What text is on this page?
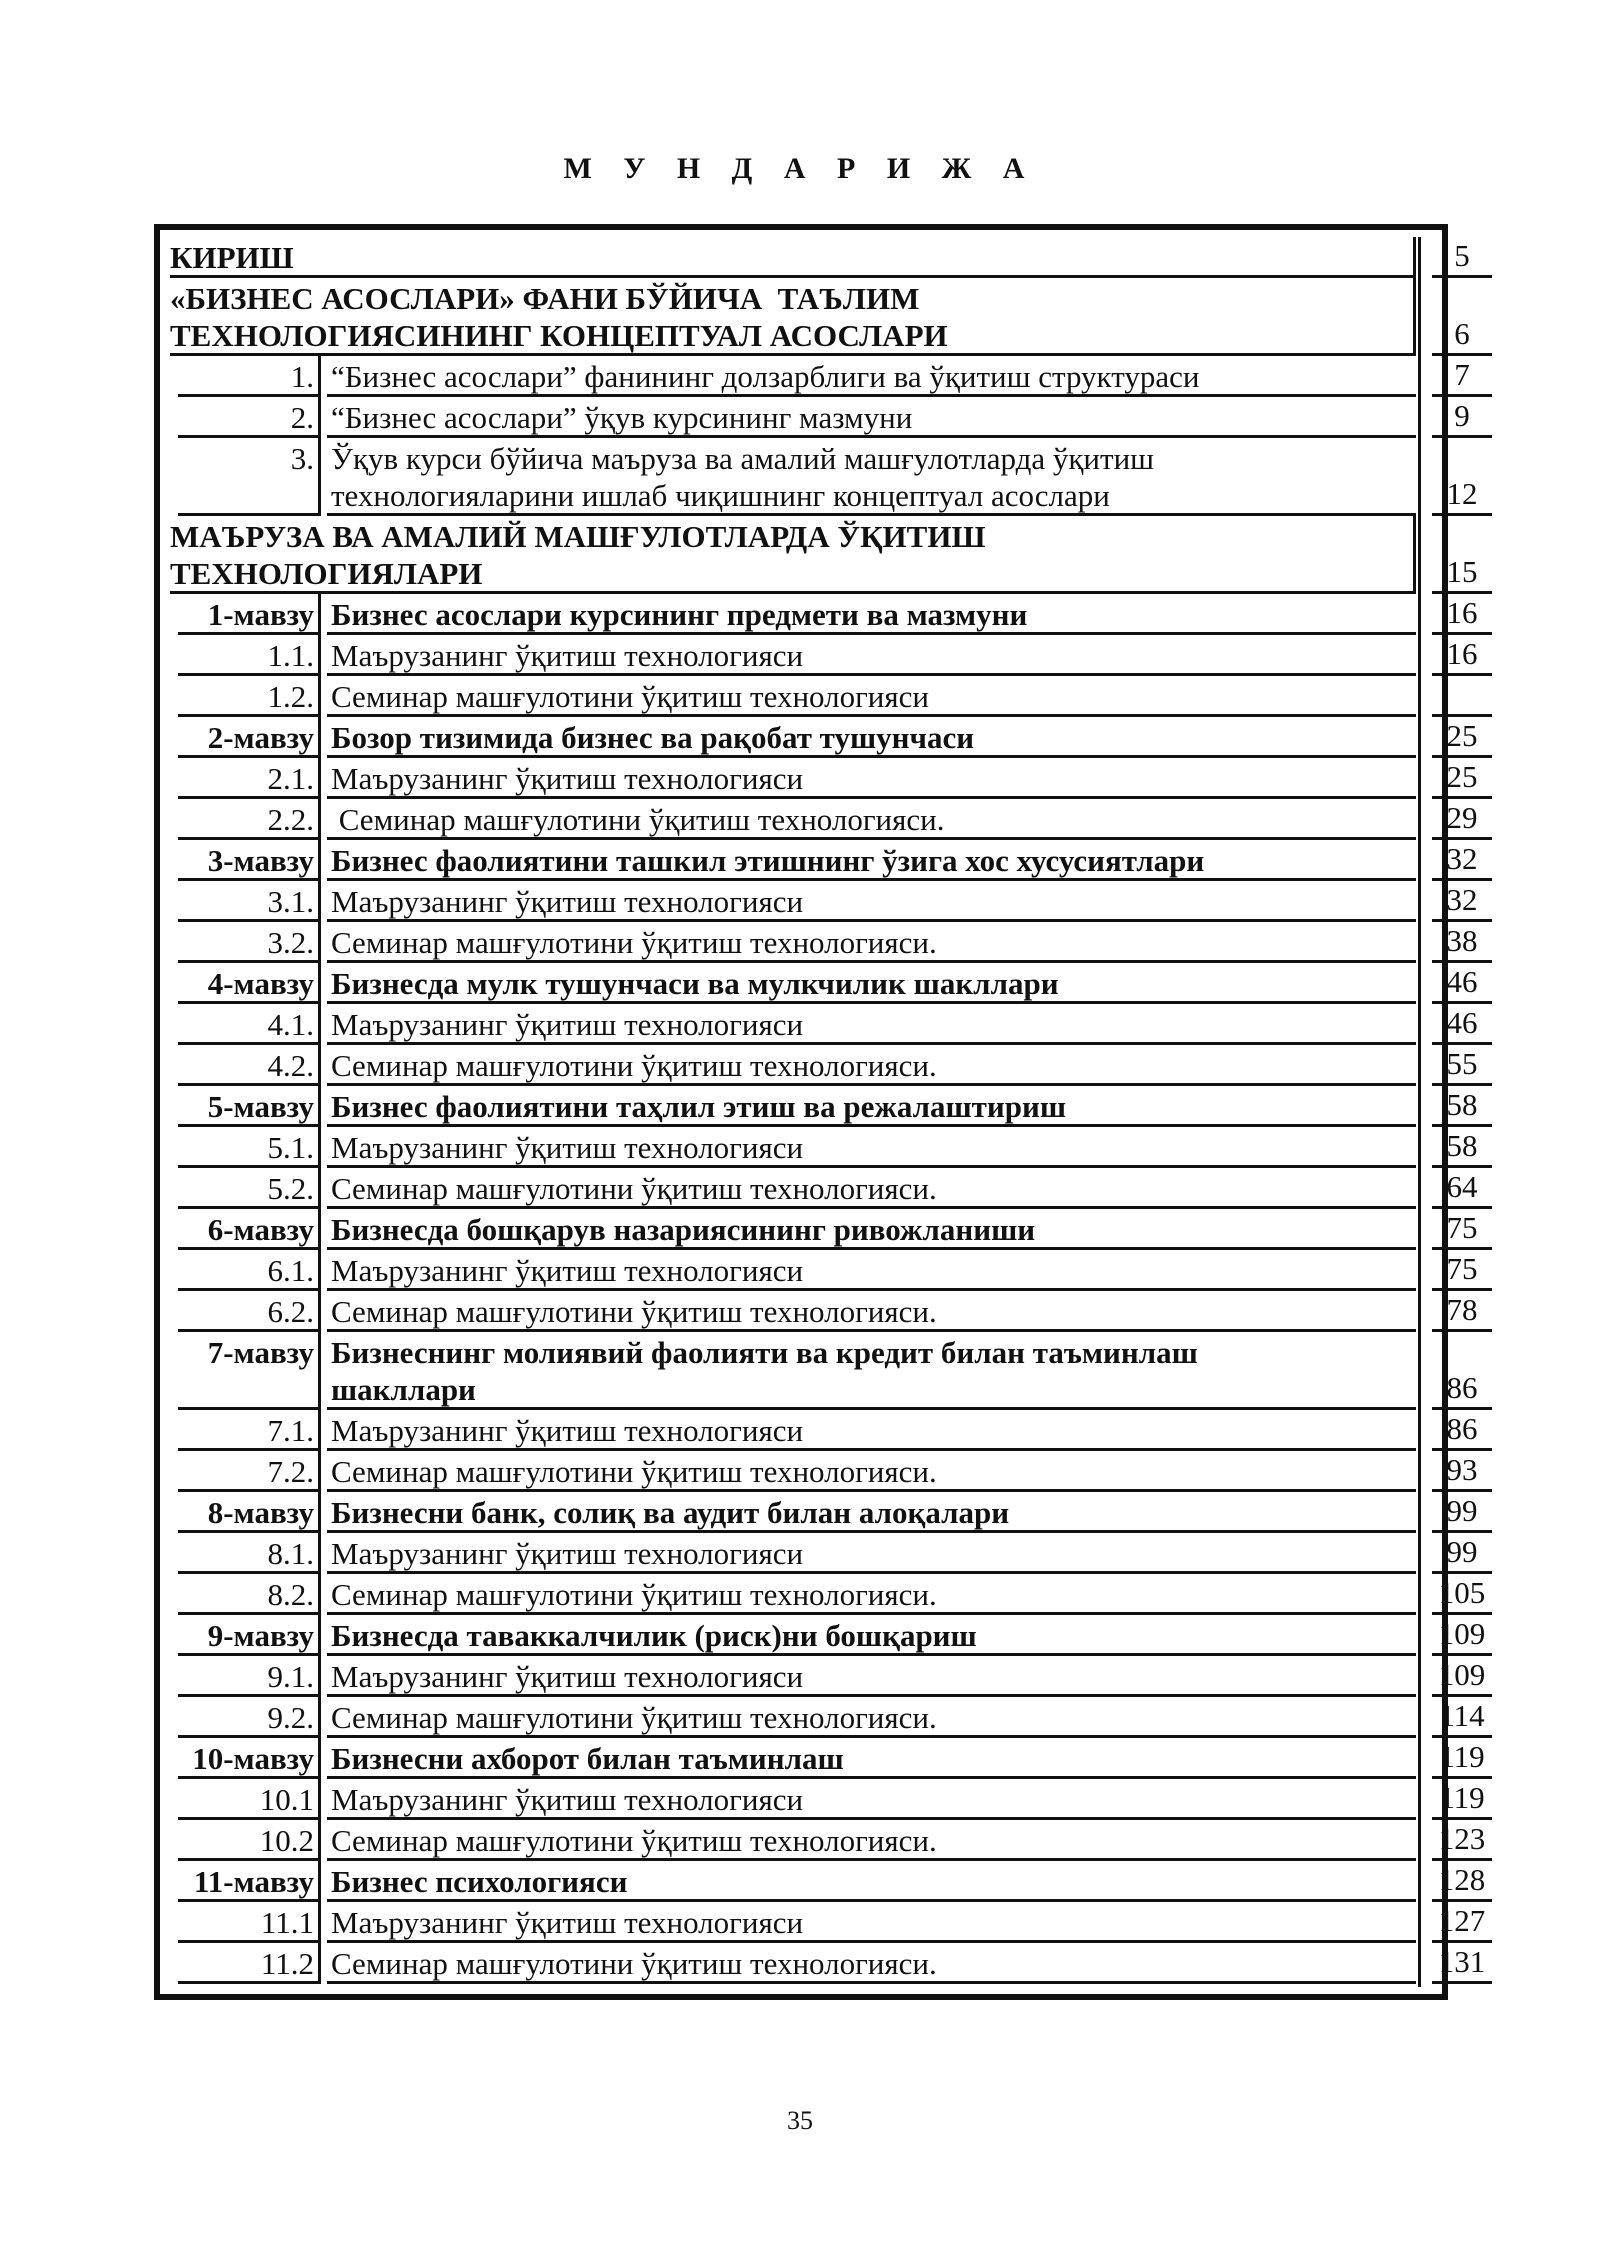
М У Н Д А Р И Ж А
КИРИШ	5
«БИЗНЕС АСОСЛАРИ» ФАНИ БЎЙИЧА  ТАЪЛИМ
ТЕХНОЛОГИЯСИНИНГ КОНЦЕПТУАЛ АСОСЛАРИ	6
1. “Бизнес асослари” фанининг долзарблиги ва ўқитиш структураси	7
2. “Бизнес асослари” ўқув курсининг мазмуни	9
3. Ўқув курси бўйича маъруза ва амалий машғулотларда ўқитиш
технологияларини ишлаб чиқишнинг концептуал асослари	12
МАЪРУЗА ВА АМАЛИЙ МАШҒУЛОТЛАРДА ЎҚИТИШ
ТЕХНОЛОГИЯЛАРИ	15
1-мавзу Бизнес асослари курсининг предмети ва мазмуни	16
1.1. Маърузанинг ўқитиш технологияси	16
1.2. Семинар машғулотини ўқитиш технологияси
2-мавзу Бозор тизимида бизнес ва рақобат тушунчаси	25
2.1. Маърузанинг ўқитиш технологияси	25
2.2. Семинар машғулотини ўқитиш технологияси.	29
3-мавзу Бизнес фаолиятини ташкил этишнинг ўзига хос хусусиятлари	32
3.1. Маърузанинг ўқитиш технологияси	32
3.2. Семинар машғулотини ўқитиш технологияси.	38
4-мавзу Бизнесда мулк тушунчаси ва мулкчилик шакллари	46
4.1. Маърузанинг ўқитиш технологияси	46
4.2. Семинар машғулотини ўқитиш технологияси.	55
5-мавзу Бизнес фаолиятини таҳлил этиш ва режалаштириш	58
5.1. Маърузанинг ўқитиш технологияси	58
5.2. Семинар машғулотини ўқитиш технологияси.	64
6-мавзу Бизнесда бошқарув назариясининг ривожланиши	75
6.1. Маърузанинг ўқитиш технологияси	75
6.2. Семинар машғулотини ўқитиш технологияси.	78
7-мавзу Бизнеснинг молиявий фаолияти ва кредит билан таъминлаш
шакллари	86
7.1. Маърузанинг ўқитиш технологияси	86
7.2. Семинар машғулотини ўқитиш технологияси.	93
8-мавзу Бизнесни банк, солиқ ва аудит билан алоқалари	99
8.1. Маърузанинг ўқитиш технологияси	99
8.2. Семинар машғулотини ўқитиш технологияси.	105
9-мавзу Бизнесда таваккалчилик (риск)ни бошқариш	109
9.1. Маърузанинг ўқитиш технологияси	109
9.2. Семинар машғулотини ўқитиш технологияси.	114
10-мавзу Бизнесни ахборот билан таъминлаш	119
10.1 Маърузанинг ўқитиш технологияси	119
10.2 Семинар машғулотини ўқитиш технологияси.	123
11-мавзу Бизнес психологияси	128
11.1 Маърузанинг ўқитиш технологияси	127
11.2 Семинар машғулотини ўқитиш технологияси.	131
35
